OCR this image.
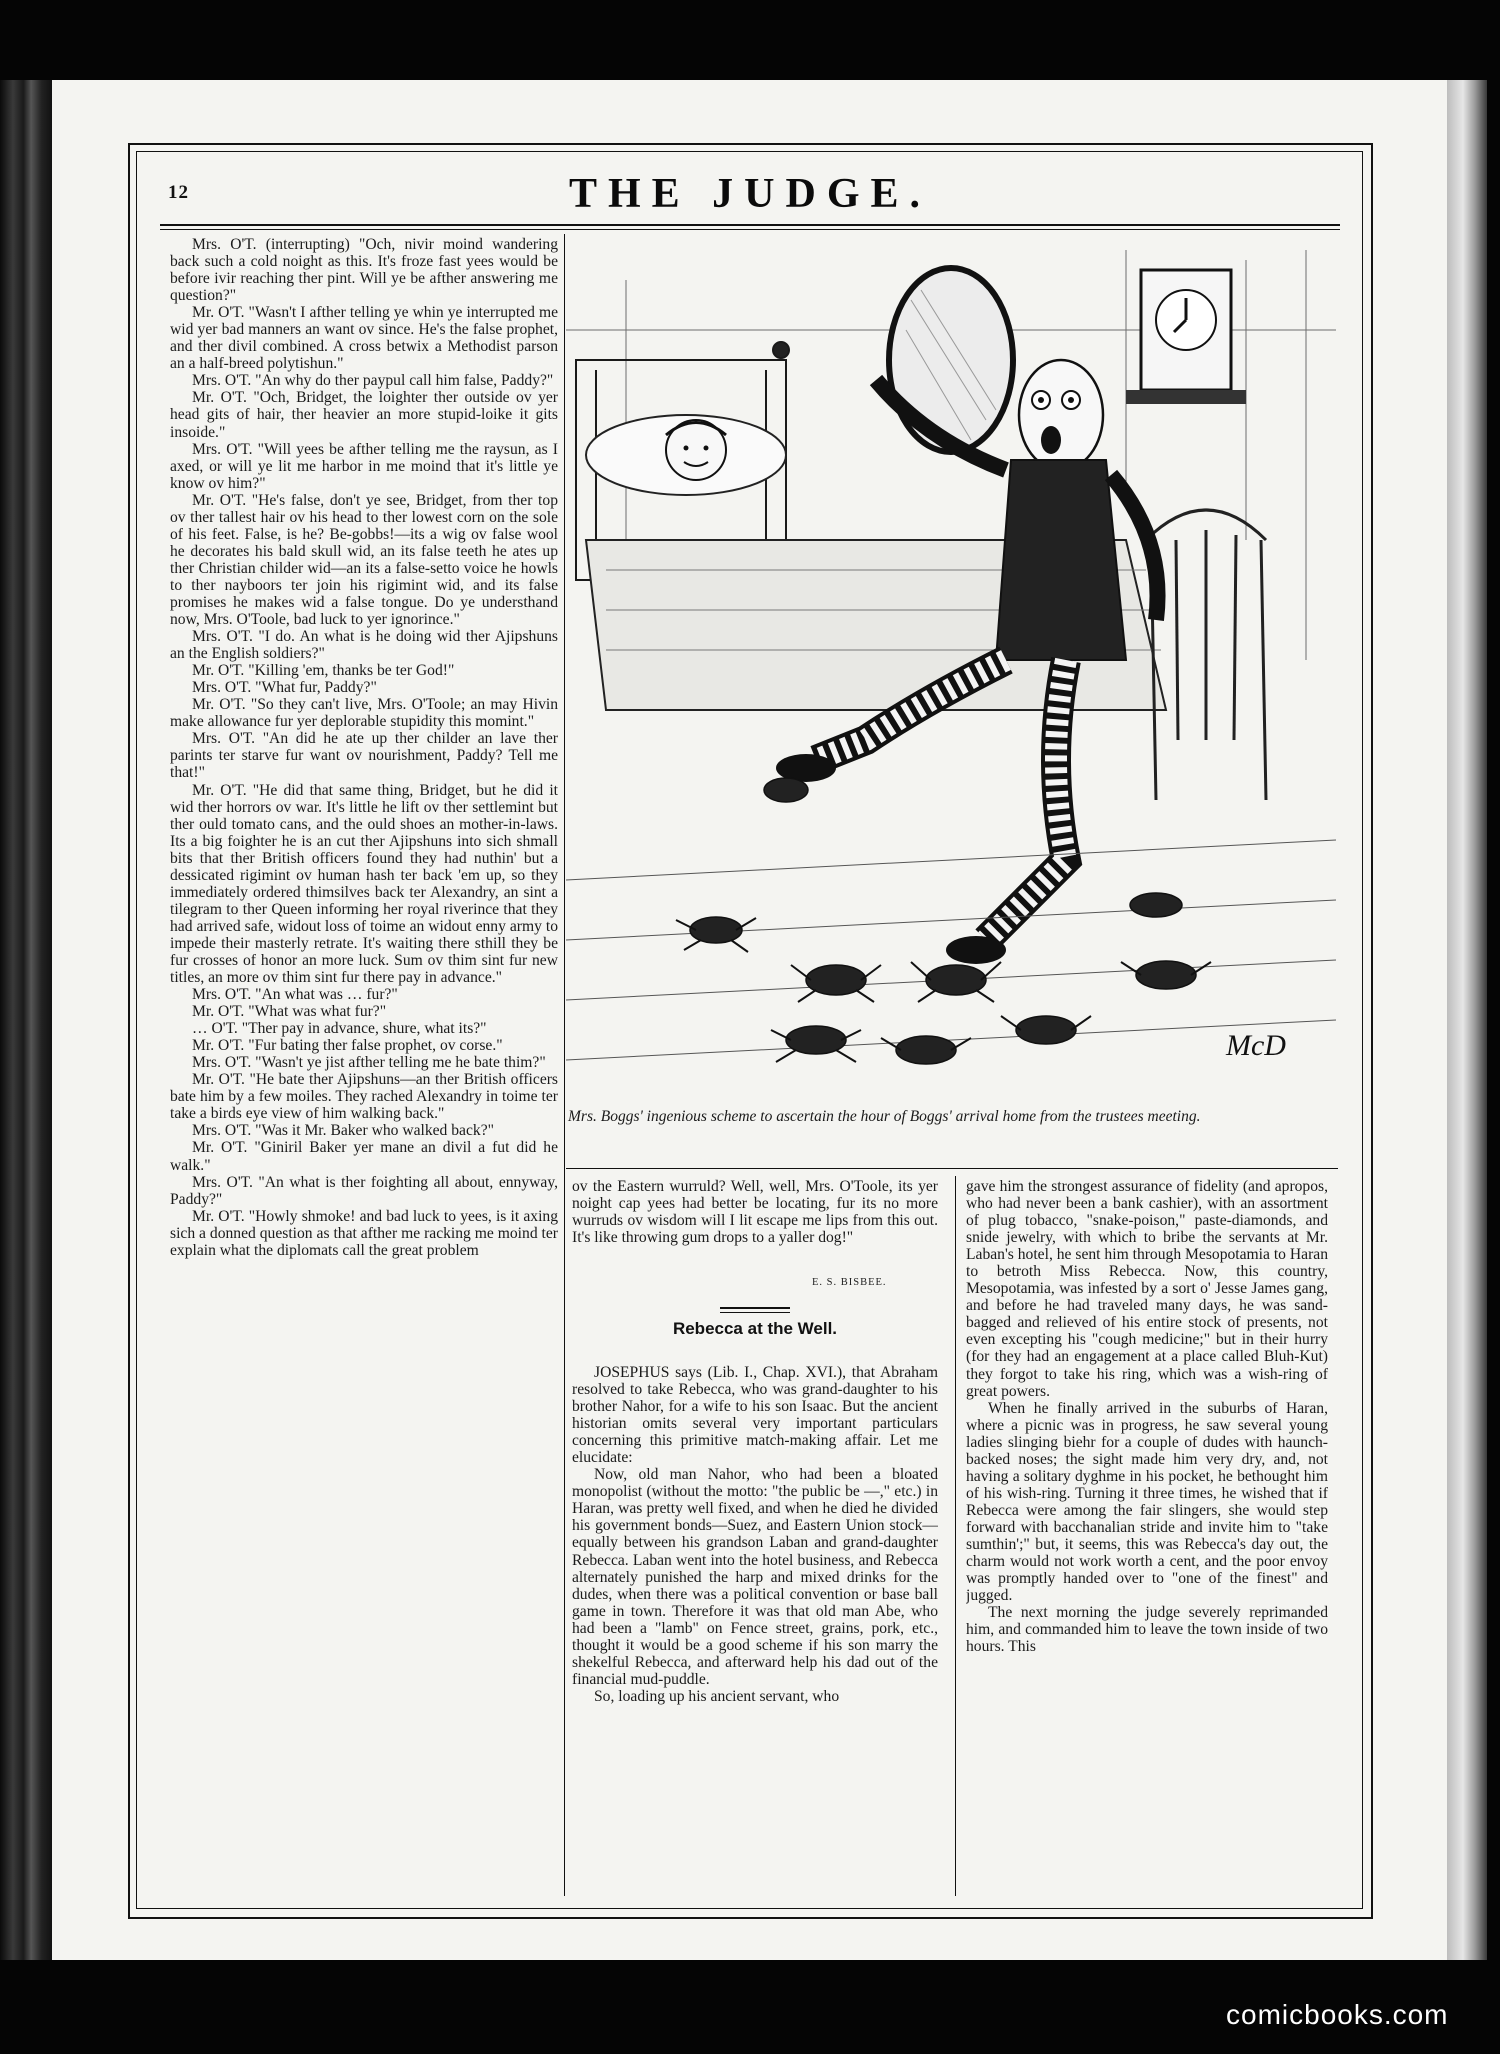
12	THE JUDGE.

Mrs. O'T. (interrupting) "Och, nivir moind wandering back such a cold noight as this. It's froze fast yees would be before ivir reaching ther pint. Will ye be afther answering me question?"

Mr. O'T. "Wasn't I afther telling ye whin ye interrupted me wid yer bad manners an want ov since. He's the false prophet, and ther divil combined. A cross betwix a Methodist parson an a half-breed polytishun."

Mrs. O'T. "An why do ther paypul call him false, Paddy?"

Mr. O'T. "Och, Bridget, the loighter ther outside ov yer head gits of hair, ther heavier an more stupid-loike it gits insoide."

Mrs. O'T. "Will yees be afther telling me the raysun, as I axed, or will ye lit me harbor in me moind that it's little ye know ov him?"

Mr. O'T. "He's false, don't ye see, Bridget, from ther top ov ther tallest hair ov his head to ther lowest corn on the sole of his feet. False, is he? Be-gobbs!—its a wig ov false wool he decorates his bald skull wid, an its false teeth he ates up ther Christian childer wid—an its a false-setto voice he howls to ther nayboors ter join his rigimint wid, and its false promises he makes wid a false tongue. Do ye understhand now, Mrs. O'Toole, bad luck to yer ignorince."

Mrs. O'T. "I do. An what is he doing wid ther Ajipshuns an the English soldiers?"

Mr. O'T. "Killing 'em, thanks be ter God!"

Mrs. O'T. "What fur, Paddy?"

Mr. O'T. "So they can't live, Mrs. O'Toole; an may Hivin make allowance fur yer deplorable stupidity this momint."

Mrs. O'T. "An did he ate up ther childer an lave ther parints ter starve fur want ov nourishment, Paddy? Tell me that!"

Mr. O'T. "He did that same thing, Bridget, but he did it wid ther horrors ov war. It's little he lift ov ther settlemint but ther ould tomato cans, and the ould shoes an mother-in-laws. Its a big foighter he is an cut ther Ajipshuns into sich shmall bits that ther British officers found they had nuthin' but a dessicated rigimint ov human hash ter back 'em up, so they immediately ordered thimsilves back ter Alexandry, an sint a tilegram to ther Queen informing her royal riverince that they had arrived safe, widout loss of toime an widout enny army to impede their masterly retrate. It's waiting there sthill they be fur crosses of honor an more luck. Sum ov thim sint fur new titles, an more ov thim sint fur there pay in advance."

Mrs. O'T. "An what was … fur?"

Mr. O'T. "What was what fur?"

… O'T. "Ther pay in advance, shure, what its?"

Mr. O'T. "Fur bating ther false prophet, ov corse."

Mrs. O'T. "Wasn't ye jist afther telling me he bate thim?"

Mr. O'T. "He bate ther Ajipshuns—an ther British officers bate him by a few moiles. They rached Alexandry in toime ter take a birds eye view of him walking back."

Mrs. O'T. "Was it Mr. Baker who walked back?"

Mr. O'T. "Giniril Baker yer mane an divil a fut did he walk."

Mrs. O'T. "An what is ther foighting all about, ennyway, Paddy?"

Mr. O'T. "Howly shmoke! and bad luck to yees, is it axing sich a donned question as that afther me racking me moind ter explain what the diplomats call the great problem

McD
Mrs. Boggs' ingenious scheme to ascertain the hour of Boggs' arrival home from the trustees meeting.

ov the Eastern wurruld? Well, well, Mrs. O'Toole, its yer noight cap yees had better be locating, fur its no more wurruds ov wisdom will I lit escape me lips from this out. It's like throwing gum drops to a yaller dog!"

E. S. BISBEE.
Rebecca at the Well.

JOSEPHUS says (Lib. I., Chap. XVI.), that Abraham resolved to take Rebecca, who was grand-daughter to his brother Nahor, for a wife to his son Isaac. But the ancient historian omits several very important particulars concerning this primitive match-making affair. Let me elucidate:

Now, old man Nahor, who had been a bloated monopolist (without the motto: "the public be —," etc.) in Haran, was pretty well fixed, and when he died he divided his government bonds—Suez, and Eastern Union stock—equally between his grandson Laban and grand-daughter Rebecca. Laban went into the hotel business, and Rebecca alternately punished the harp and mixed drinks for the dudes, when there was a political convention or base ball game in town. Therefore it was that old man Abe, who had been a "lamb" on Fence street, grains, pork, etc., thought it would be a good scheme if his son marry the shekelful Rebecca, and afterward help his dad out of the financial mud-puddle.

So, loading up his ancient servant, who

gave him the strongest assurance of fidelity (and apropos, who had never been a bank cashier), with an assortment of plug tobacco, "snake-poison," paste-diamonds, and snide jewelry, with which to bribe the servants at Mr. Laban's hotel, he sent him through Mesopotamia to Haran to betroth Miss Rebecca. Now, this country, Mesopotamia, was infested by a sort o' Jesse James gang, and before he had traveled many days, he was sand-bagged and relieved of his entire stock of presents, not even excepting his "cough medicine;" but in their hurry (for they had an engagement at a place called Bluh-Kut) they forgot to take his ring, which was a wish-ring of great powers.

When he finally arrived in the suburbs of Haran, where a picnic was in progress, he saw several young ladies slinging biehr for a couple of dudes with haunch-backed noses; the sight made him very dry, and, not having a solitary dyghme in his pocket, he bethought him of his wish-ring. Turning it three times, he wished that if Rebecca were among the fair slingers, she would step forward with bacchanalian stride and invite him to "take sumthin';" but, it seems, this was Rebecca's day out, the charm would not work worth a cent, and the poor envoy was promptly handed over to "one of the finest" and jugged.

The next morning the judge severely reprimanded him, and commanded him to leave the town inside of two hours. This

comicbooks.com
